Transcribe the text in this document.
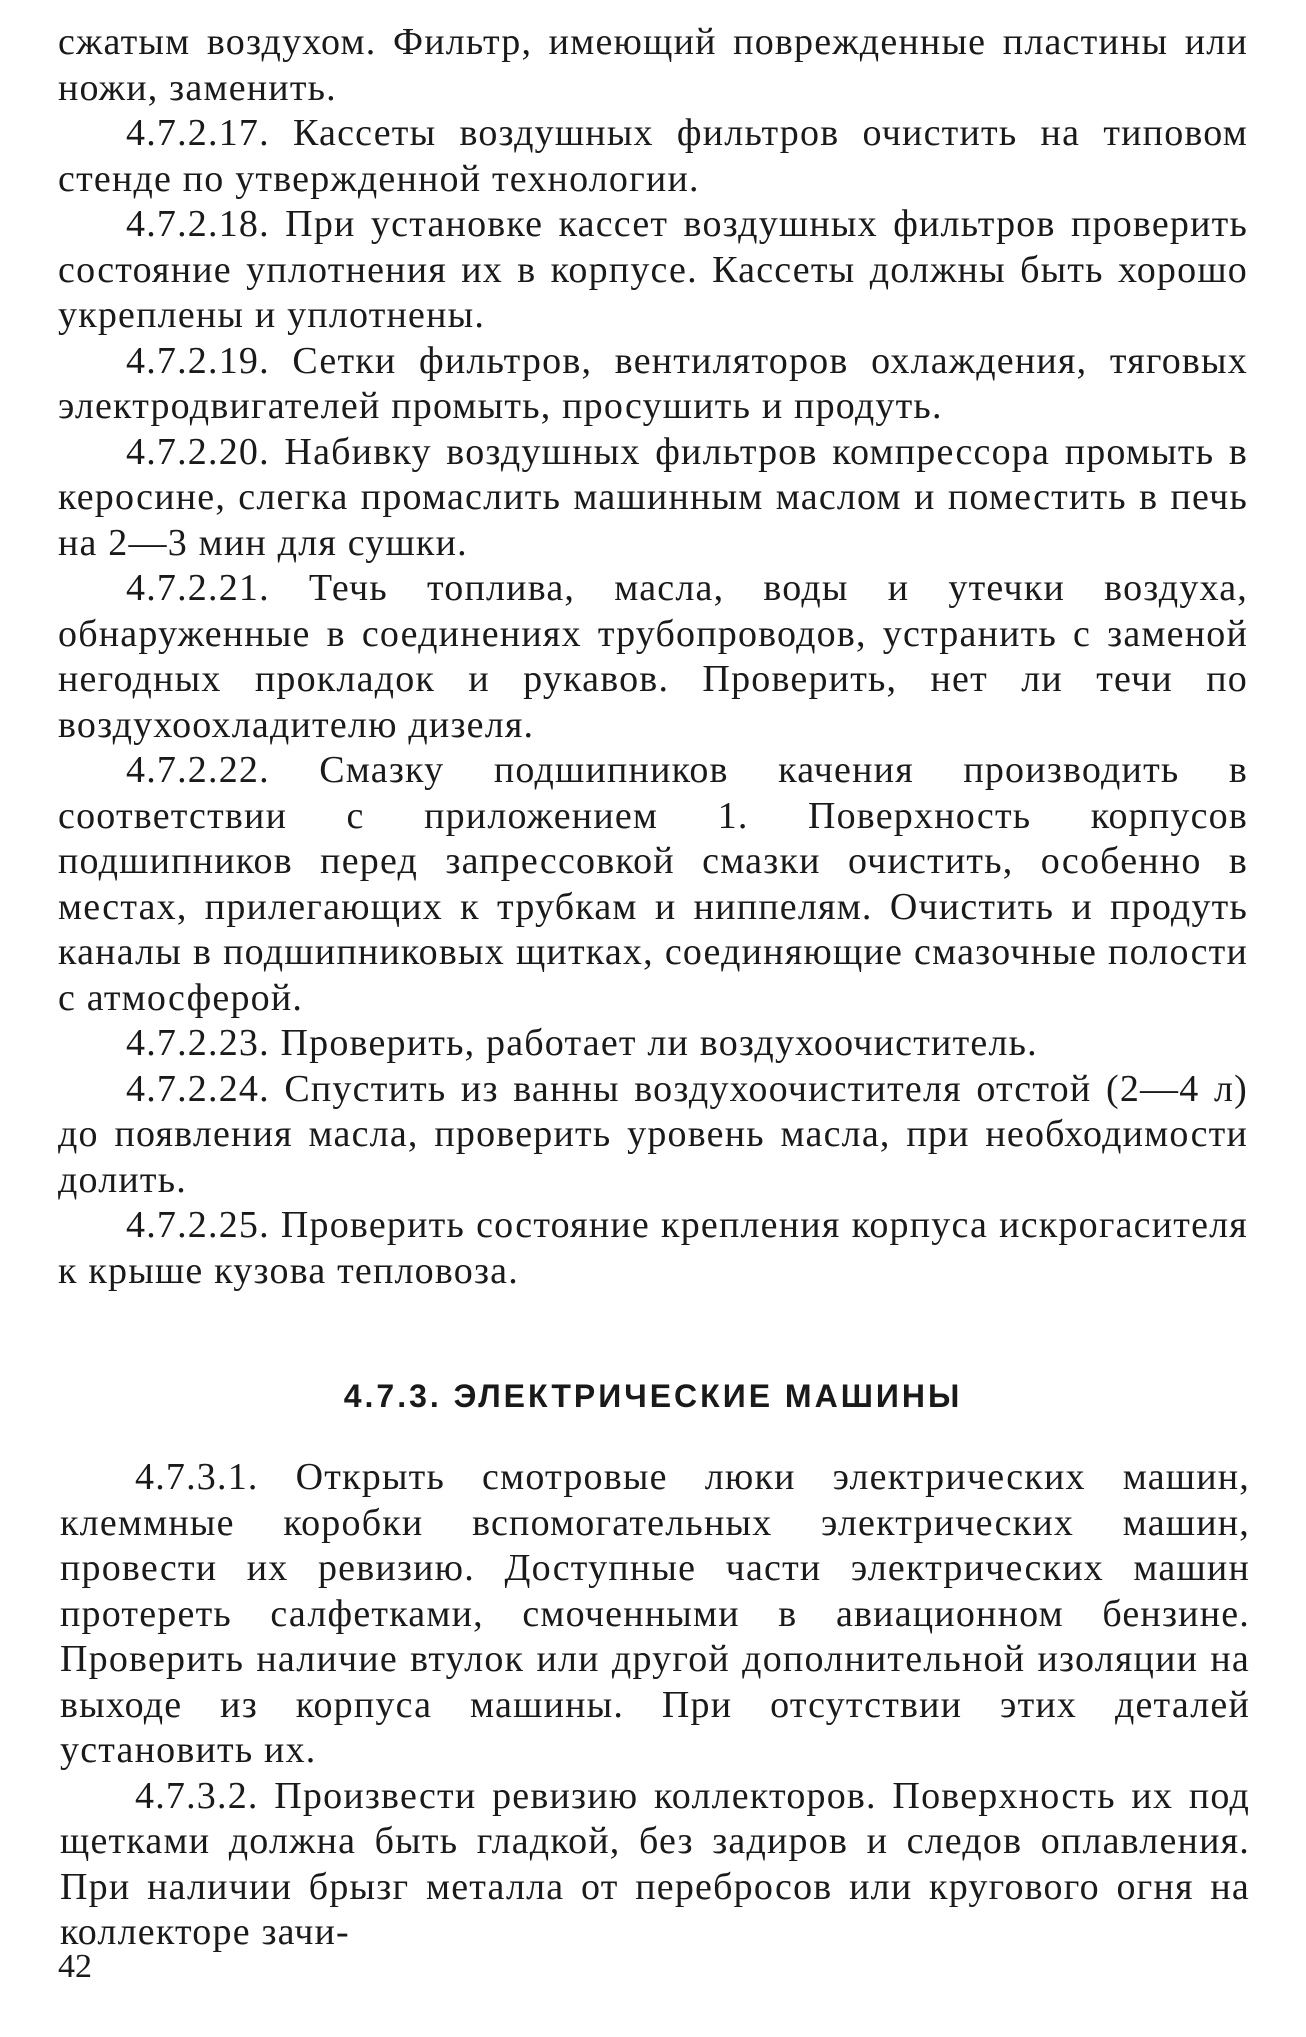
сжатым воздухом. Фильтр, имеющий поврежденные пластины или ножи, заменить.

4.7.2.17. Кассеты воздушных фильтров очистить на типовом стенде по утвержденной технологии.

4.7.2.18. При установке кассет воздушных фильтров проверить состояние уплотнения их в корпусе. Кассеты должны быть хорошо укреплены и уплотнены.

4.7.2.19. Сетки фильтров, вентиляторов охлаждения, тяговых электродвигателей промыть, просушить и продуть.

4.7.2.20. Набивку воздушных фильтров компрессора промыть в керосине, слегка промаслить машинным маслом и поместить в печь на 2—3 мин для сушки.

4.7.2.21. Течь топлива, масла, воды и утечки воздуха, обнаруженные в соединениях трубопроводов, устранить с заменой негодных прокладок и рукавов. Проверить, нет ли течи по воздухоохладителю дизеля.

4.7.2.22. Смазку подшипников качения производить в соответствии с приложением 1. Поверхность корпусов подшипников перед запрессовкой смазки очистить, особенно в местах, прилегающих к трубкам и ниппелям. Очистить и продуть каналы в подшипниковых щитках, соединяющие смазочные полости с атмосферой.

4.7.2.23. Проверить, работает ли воздухоочиститель.

4.7.2.24. Спустить из ванны воздухоочистителя отстой (2—4 л) до появления масла, проверить уровень масла, при необходимости долить.

4.7.2.25. Проверить состояние крепления корпуса искрогасителя к крыше кузова тепловоза.

4.7.3. ЭЛЕКТРИЧЕСКИЕ МАШИНЫ

4.7.3.1. Открыть смотровые люки электрических машин, клеммные коробки вспомогательных электрических машин, провести их ревизию. Доступные части электрических машин протереть салфетками, смоченными в авиационном бензине. Проверить наличие втулок или другой дополнительной изоляции на выходе из корпуса машины. При отсутствии этих деталей установить их.

4.7.3.2. Произвести ревизию коллекторов. Поверхность их под щетками должна быть гладкой, без задиров и следов оплавления. При наличии брызг металла от перебросов или кругового огня на коллекторе зачи-

42
